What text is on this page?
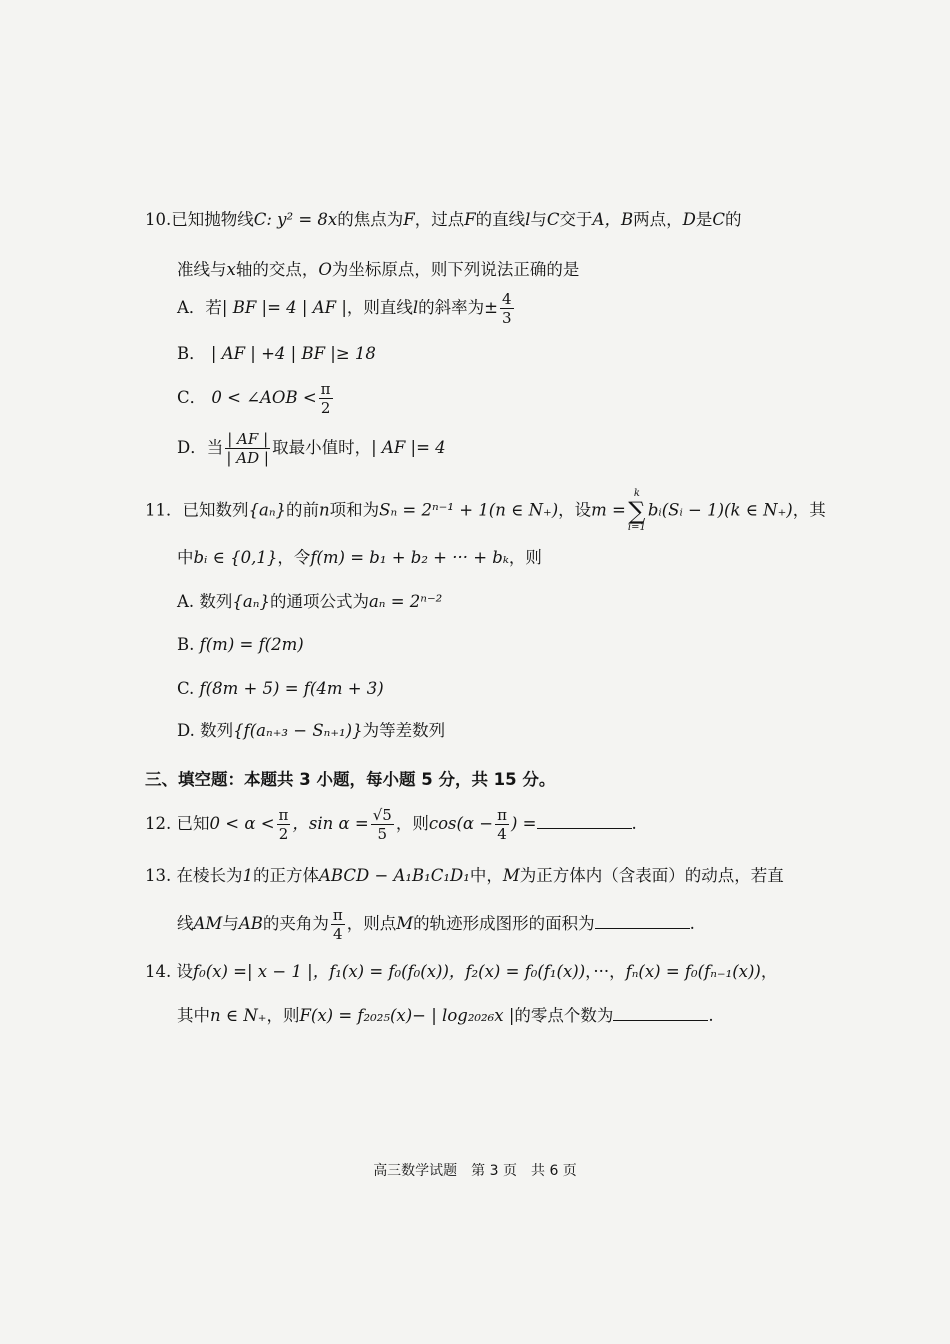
10.已知抛物线C: y² = 8x的焦点为F，过点F的直线l与C交于A，B两点，D是C的
准线与x轴的交点，O为坐标原点，则下列说法正确的是
A．若| BF |= 4 | AF |，则直线l的斜率为± $\frac{4}{3}$
B． | AF | +4 | BF |≥ 18
C． 0 < ∠AOB < $\frac{\pi}{2}$
D．当 $\frac{| AF |}{| AD |}$ 取最小值时，| AF |= 4
11．已知数列{aₙ}的前n项和为Sₙ = 2ⁿ⁻¹ + 1(n ∈ N₊)，设m =
k
∑
i=1
bᵢ(Sᵢ − 1)(k ∈ N₊)，其
中bᵢ ∈ {0,1}，令f(m) = b₁ + b₂ + ··· + bₖ，则
A. 数列{aₙ}的通项公式为aₙ = 2ⁿ⁻²
B. f(m) = f(2m)
C. f(8m + 5) = f(4m + 3)
D. 数列{f(aₙ₊₃ − Sₙ₊₁)}为等差数列
三、填空题：本题共 3 小题，每小题 5 分，共 15 分。
12. 已知$0 < \alpha < \frac{\pi}{2}$ ，$\sin \alpha = \frac{√5}{5}$ ，则$\cos(\alpha - \frac{\pi}{4}$ ) =	.
13. 在棱长为1的正方体ABCD − A₁B₁C₁D₁中，M为正方体内（含表面）的动点，若直
线AM与AB的夹角为 $\frac{\pi}{4}$ ，则点M的轨迹形成图形的面积为	.
14. 设f₀(x) =| x − 1 |，f₁(x) = f₀(f₀(x))，f₂(x) = f₀(f₁(x))，···，fₙ(x) = f₀(fₙ₋₁(x))，
其中n ∈ N₊，则F(x) = f₂₀₂₅(x)− | log₂₀₂₆x |的零点个数为	.
高三数学试题　第 3 页　共 6 页
